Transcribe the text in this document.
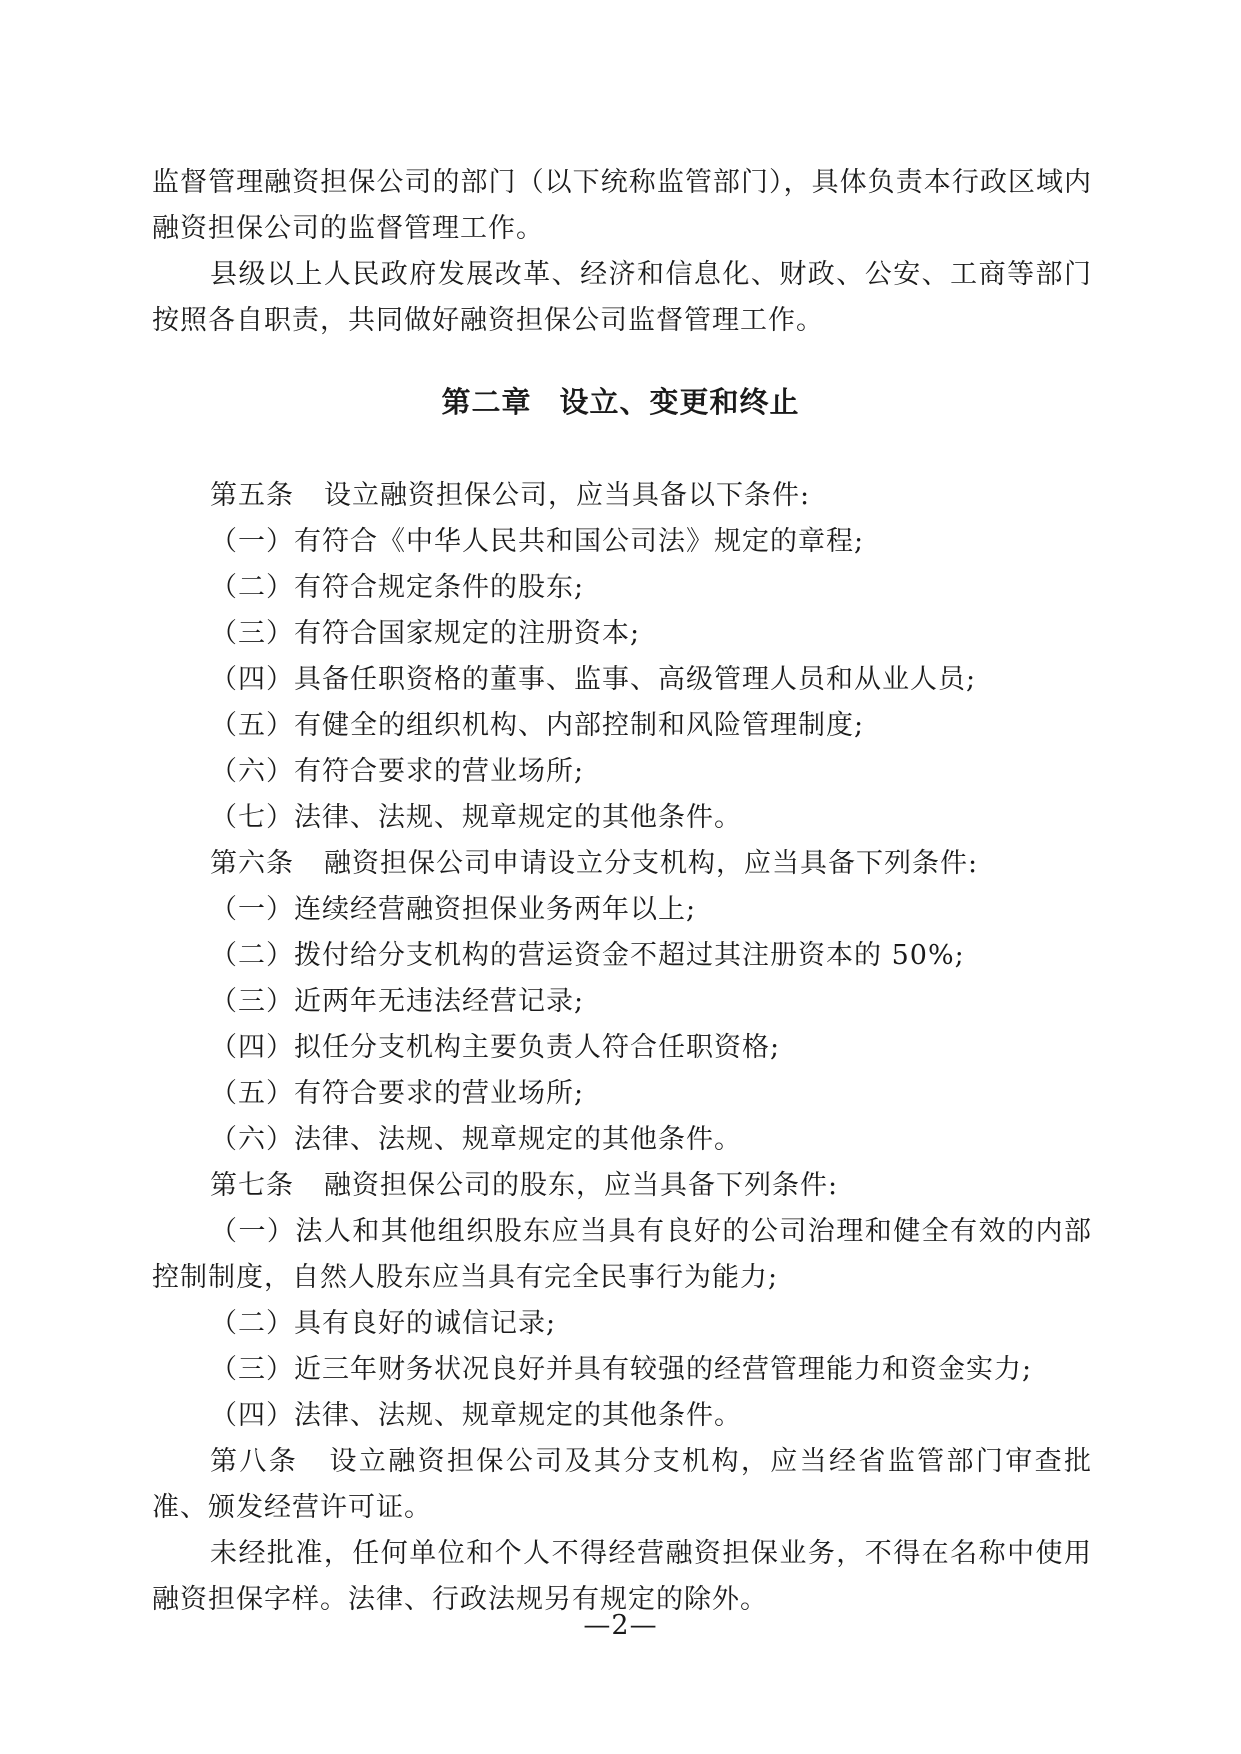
监督管理融资担保公司的部门（以下统称监管部门），具体负责本行政区域内融资担保公司的监督管理工作。

县级以上人民政府发展改革、经济和信息化、财政、公安、工商等部门按照各自职责，共同做好融资担保公司监督管理工作。

第二章 设立、变更和终止

第五条 设立融资担保公司，应当具备以下条件:

（一）有符合《中华人民共和国公司法》规定的章程;

（二）有符合规定条件的股东;

（三）有符合国家规定的注册资本;

（四）具备任职资格的董事、监事、高级管理人员和从业人员;

（五）有健全的组织机构、内部控制和风险管理制度;

（六）有符合要求的营业场所;

（七）法律、法规、规章规定的其他条件。

第六条 融资担保公司申请设立分支机构，应当具备下列条件:

（一）连续经营融资担保业务两年以上;

（二）拨付给分支机构的营运资金不超过其注册资本的 50%;

（三）近两年无违法经营记录;

（四）拟任分支机构主要负责人符合任职资格;

（五）有符合要求的营业场所;

（六）法律、法规、规章规定的其他条件。

第七条 融资担保公司的股东，应当具备下列条件:

（一）法人和其他组织股东应当具有良好的公司治理和健全有效的内部控制制度，自然人股东应当具有完全民事行为能力;

（二）具有良好的诚信记录;

（三）近三年财务状况良好并具有较强的经营管理能力和资金实力;

（四）法律、法规、规章规定的其他条件。

第八条 设立融资担保公司及其分支机构，应当经省监管部门审查批准、颁发经营许可证。

未经批准，任何单位和个人不得经营融资担保业务，不得在名称中使用融资担保字样。法律、行政法规另有规定的除外。

—2—
